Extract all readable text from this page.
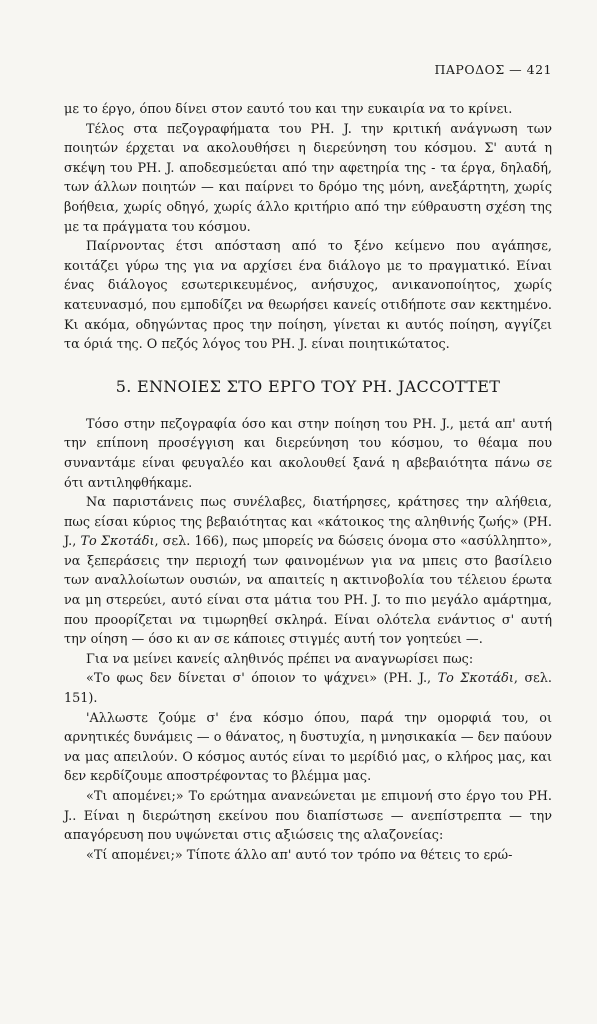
ΠΑΡΟΔΟΣ — 421

με το έργο, όπου δίνει στον εαυτό του και την ευκαιρία να το κρίνει.

Τέλος στα πεζογραφήματα του PH. J. την κριτική ανάγνωση των ποιητών έρχεται να ακολουθήσει η διερεύνηση του κόσμου. Σ' αυτά η σκέψη του PH. J. αποδεσμεύεται από την αφετηρία της - τα έργα, δηλαδή, των άλλων ποιητών — και παίρνει το δρόμο της μόνη, ανεξάρτητη, χωρίς βοήθεια, χωρίς οδηγό, χωρίς άλλο κριτήριο από την εύθραυστη σχέση της με τα πράγματα του κόσμου.

Παίρνοντας έτσι απόσταση από το ξένο κείμενο που αγάπησε, κοιτάζει γύρω της για να αρχίσει ένα διάλογο με το πραγματικό. Είναι ένας διάλογος εσωτερικευμένος, ανήσυχος, ανικανοποίητος, χωρίς κατευνασμό, που εμποδίζει να θεωρήσει κανείς οτιδήποτε σαν κεκτημένο. Κι ακόμα, οδηγώντας προς την ποίηση, γίνεται κι αυτός ποίηση, αγγίζει τα όριά της. Ο πεζός λόγος του PH. J. είναι ποιητικώτατος.

5. ΕΝΝΟΙΕΣ ΣΤΟ ΕΡΓΟ ΤΟΥ PH. JACCOTTET

Τόσο στην πεζογραφία όσο και στην ποίηση του PH. J., μετά απ' αυτή την επίπονη προσέγγιση και διερεύνηση του κόσμου, το θέαμα που συναντάμε είναι φευγαλέο και ακολουθεί ξανά η αβεβαιότητα πάνω σε ότι αντιληφθήκαμε.

Να παριστάνεις πως συνέλαβες, διατήρησες, κράτησες την αλήθεια, πως είσαι κύριος της βεβαιότητας και «κάτοικος της αληθινής ζωής» (PH. J., Το Σκοτάδι, σελ. 166), πως μπορείς να δώσεις όνομα στο «ασύλληπτο», να ξεπεράσεις την περιοχή των φαινομένων για να μπεις στο βασίλειο των αναλλοίωτων ουσιών, να απαιτείς η ακτινοβολία του τέλειου έρωτα να μη στερεύει, αυτό είναι στα μάτια του PH. J. το πιο μεγάλο αμάρτημα, που προορίζεται να τιμωρηθεί σκληρά. Είναι ολότελα ενάντιος σ' αυτή την οίηση — όσο κι αν σε κάποιες στιγμές αυτή τον γοητεύει —.

Για να μείνει κανείς αληθινός πρέπει να αναγνωρίσει πως:

«Το φως δεν δίνεται σ' όποιον το ψάχνει» (PH. J., Το Σκοτάδι, σελ. 151).

'Αλλωστε ζούμε σ' ένα κόσμο όπου, παρά την ομορφιά του, οι αρνητικές δυνάμεις — ο θάνατος, η δυστυχία, η μνησικακία — δεν παύουν να μας απειλούν. Ο κόσμος αυτός είναι το μερίδιό μας, ο κλήρος μας, και δεν κερδίζουμε αποστρέφοντας το βλέμμα μας.

«Τι απομένει;» Το ερώτημα ανανεώνεται με επιμονή στο έργο του PH. J.. Είναι η διερώτηση εκείνου που διαπίστωσε — ανεπίστρεπτα — την απαγόρευση που υψώνεται στις αξιώσεις της αλαζονείας:

«Τί απομένει;» Τίποτε άλλο απ' αυτό τον τρόπο να θέτεις το ερώ-
